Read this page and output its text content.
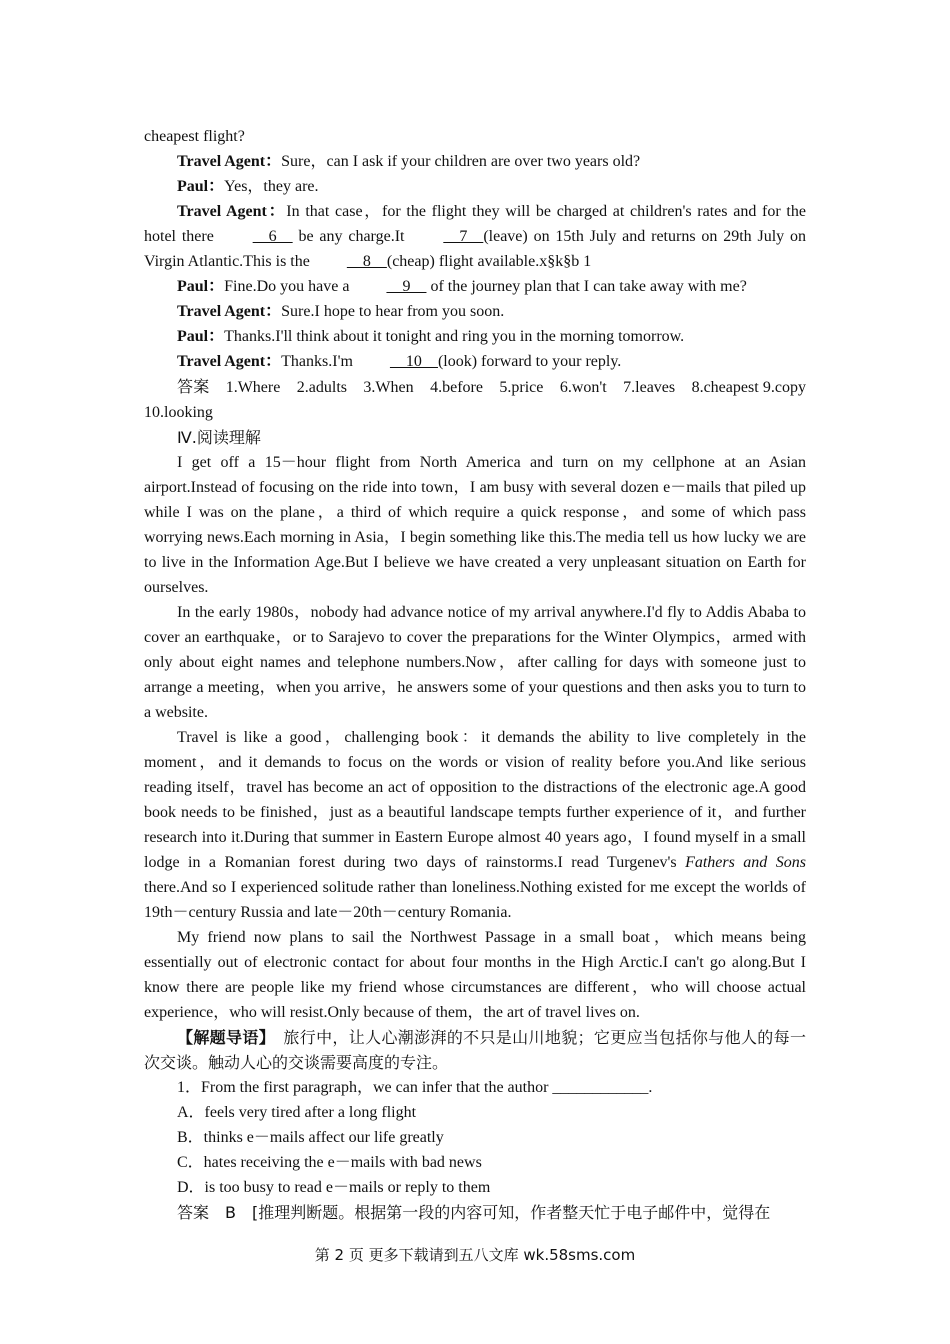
cheapest flight?

Travel Agent：Sure，can I ask if your children are over two years old?

Paul：Yes，they are.

Travel Agent：In that case，for the flight they will be charged at children's rates and for the hotel there 　6　 be any charge.It 　7　(leave) on 15th July and returns on 29th July on Virgin Atlantic.This is the 　8　(cheap) flight available.x§k§b 1

Paul：Fine.Do you have a 　9　 of the journey plan that I can take away with me?

Travel Agent：Sure.I hope to hear from you soon.

Paul：Thanks.I'll think about it tonight and ring you in the morning tomorrow.

Travel Agent：Thanks.I'm 　10　(look) forward to your reply.

答案　 1.Where　2.adults　3.When　4.before　5.price　6.won't　7.leaves　8.cheapest 9.copy　10.looking

Ⅳ.阅读理解

I get off a 15－hour flight from North America and turn on my cellphone at an Asian airport.Instead of focusing on the ride into town，I am busy with several dozen e－mails that piled up while I was on the plane，a third of which require a quick response，and some of which pass worrying news.Each morning in Asia，I begin something like this.The media tell us how lucky we are to live in the Information Age.But I believe we have created a very unpleasant situation on Earth for ourselves.

In the early 1980s，nobody had advance notice of my arrival anywhere.I'd fly to Addis Ababa to cover an earthquake，or to Sarajevo to cover the preparations for the Winter Olympics，armed with only about eight names and telephone numbers.Now，after calling for days with someone just to arrange a meeting，when you arrive，he answers some of your questions and then asks you to turn to a website.

Travel is like a good，challenging book：it demands the ability to live completely in the moment，and it demands to focus on the words or vision of reality before you.And like serious reading itself，travel has become an act of opposition to the distractions of the electronic age.A good book needs to be finished，just as a beautiful landscape tempts further experience of it，and further research into it.During that summer in Eastern Europe almost 40 years ago，I found myself in a small lodge in a Romanian forest during two days of rainstorms.I read Turgenev's Fathers and Sons there.And so I experienced solitude rather than loneliness.Nothing existed for me except the worlds of 19th－century Russia and late－20th－century Romania.

My friend now plans to sail the Northwest Passage in a small boat，which means being essentially out of electronic contact for about four months in the High Arctic.I can't go along.But I know there are people like my friend whose circumstances are different，who will choose actual experience，who will resist.Only because of them，the art of travel lives on.

【解题导语】　旅行中，让人心潮澎湃的不只是山川地貌；它更应当包括你与他人的每一次交谈。触动人心的交谈需要高度的专注。

1．From the first paragraph，we can infer that the author ____________.

A．feels very tired after a long flight

B．thinks e－mails affect our life greatly

C．hates receiving the e－mails with bad news

D．is too busy to read e－mails or reply to them

答案　B　[推理判断题。根据第一段的内容可知，作者整天忙于电子邮件中，觉得在

第 2 页 更多下载请到五八文库 wk.58sms.com
